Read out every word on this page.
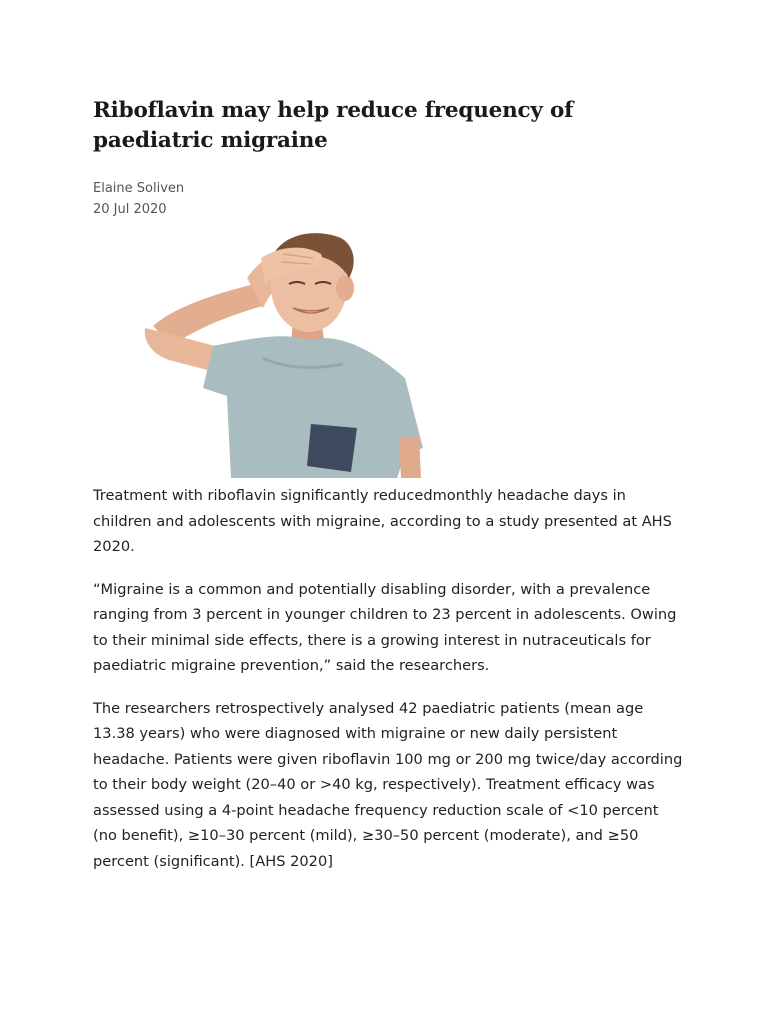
Riboflavin may help reduce frequency of paediatric migraine
Elaine Soliven
20 Jul 2020

Treatment with riboflavin significantly reducedmonthly headache days in children and adolescents with migraine, according to a study presented at AHS 2020.

“Migraine is a common and potentially disabling disorder, with a prevalence ranging from 3 percent in younger children to 23 percent in adolescents. Owing to their minimal side effects, there is a growing interest in nutraceuticals for paediatric migraine prevention,” said the researchers.

The researchers retrospectively analysed 42 paediatric patients (mean age 13.38 years) who were diagnosed with migraine or new daily persistent headache. Patients were given riboflavin 100 mg or 200 mg twice/day according to their body weight (20–40 or >40 kg, respectively). Treatment efficacy was assessed using a 4-point headache frequency reduction scale of <10 percent (no benefit), ≥10–30 percent (mild), ≥30–50 percent (moderate), and ≥50 percent (significant). [AHS 2020]
